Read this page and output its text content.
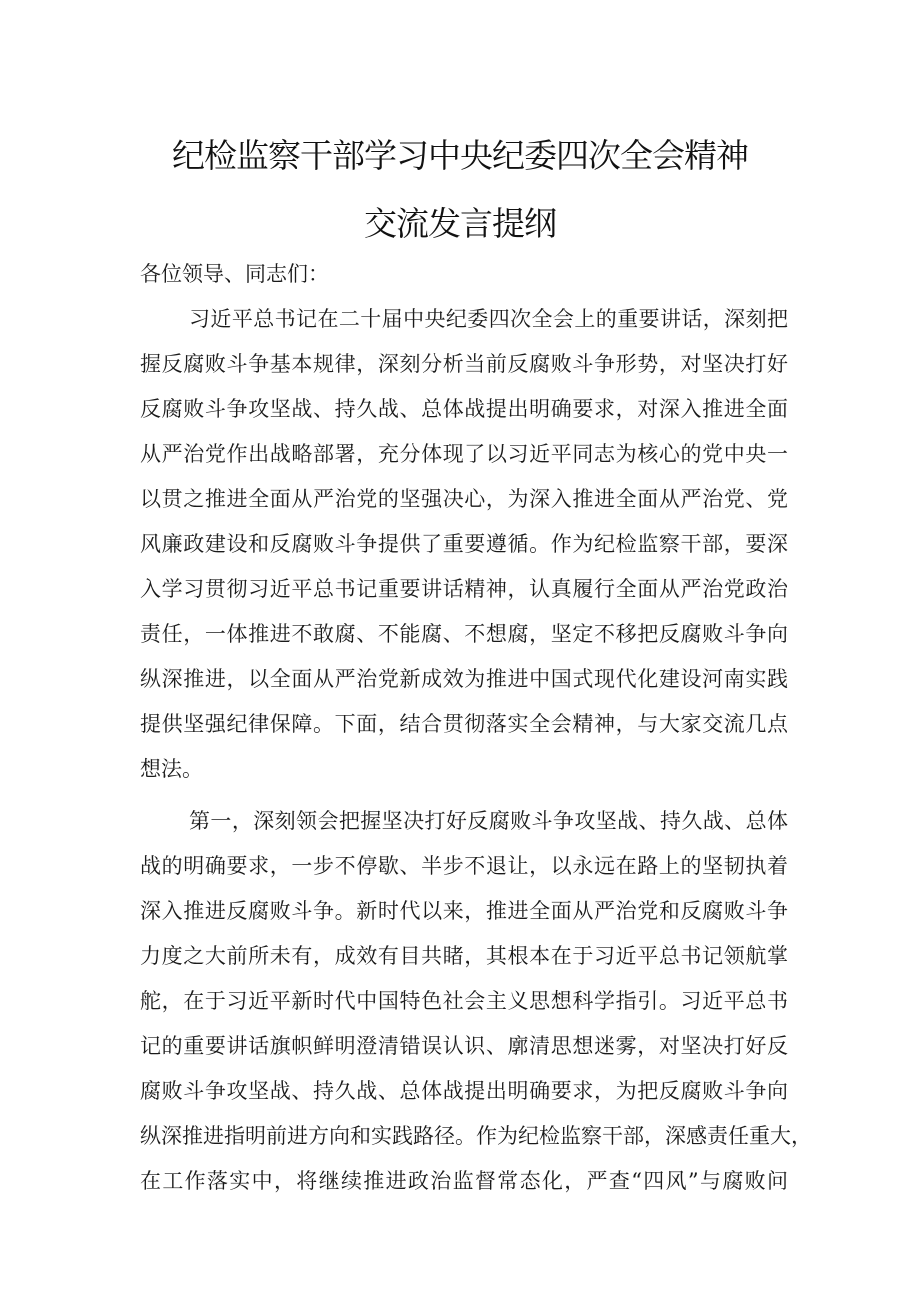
纪检监察干部学习中央纪委四次全会精神
交流发言提纲
各位领导、同志们：
习近平总书记在二十届中央纪委四次全会上的重要讲话，深刻把
握反腐败斗争基本规律，深刻分析当前反腐败斗争形势，对坚决打好
反腐败斗争攻坚战、持久战、总体战提出明确要求，对深入推进全面
从严治党作出战略部署，充分体现了以习近平同志为核心的党中央一
以贯之推进全面从严治党的坚强决心，为深入推进全面从严治党、党
风廉政建设和反腐败斗争提供了重要遵循。作为纪检监察干部，要深
入学习贯彻习近平总书记重要讲话精神，认真履行全面从严治党政治
责任，一体推进不敢腐、不能腐、不想腐，坚定不移把反腐败斗争向
纵深推进，以全面从严治党新成效为推进中国式现代化建设河南实践
提供坚强纪律保障。下面，结合贯彻落实全会精神，与大家交流几点
想法。
第一，深刻领会把握坚决打好反腐败斗争攻坚战、持久战、总体
战的明确要求，一步不停歇、半步不退让，以永远在路上的坚韧执着
深入推进反腐败斗争。新时代以来，推进全面从严治党和反腐败斗争
力度之大前所未有，成效有目共睹，其根本在于习近平总书记领航掌
舵，在于习近平新时代中国特色社会主义思想科学指引。习近平总书
记的重要讲话旗帜鲜明澄清错误认识、廓清思想迷雾，对坚决打好反
腐败斗争攻坚战、持久战、总体战提出明确要求，为把反腐败斗争向
纵深推进指明前进方向和实践路径。作为纪检监察干部，深感责任重大，
在工作落实中，将继续推进政治监督常态化，严查“四风”与腐败问
